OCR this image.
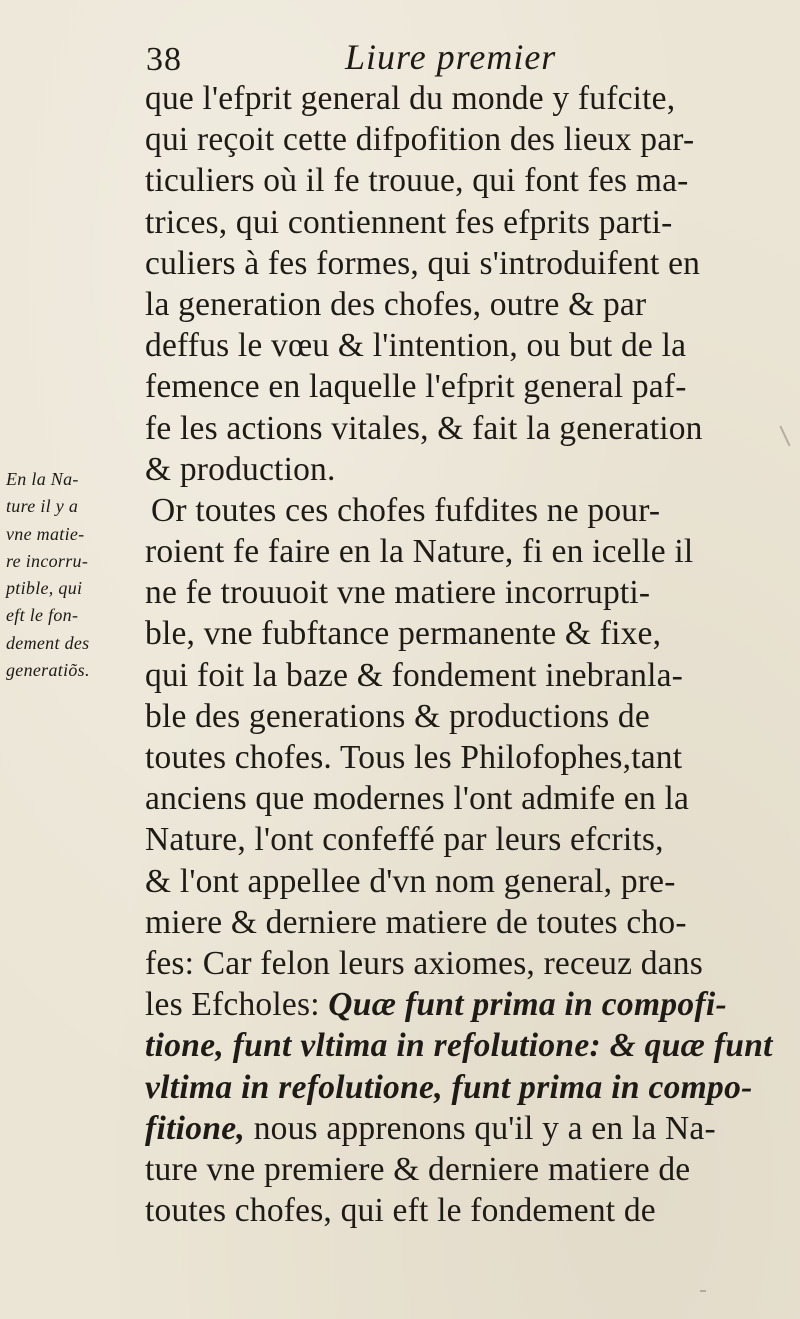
38	Liure premier
que l'efprit general du monde y fufcite,
qui reçoit cette difpofition des lieux par-
ticuliers où il fe trouue, qui font fes ma-
trices, qui contiennent fes efprits parti-
culiers à fes formes, qui s'introduifent en
la generation des chofes, outre & par
deffus le vœu & l'intention, ou but de la
femence en laquelle l'efprit general paf-
fe les actions vitales, & fait la generation
& production.
Or toutes ces chofes fufdites ne pour-
roient fe faire en la Nature, fi en icelle il
ne fe trouuoit vne matiere incorrupti-
ble, vne fubftance permanente & fixe,
qui foit la baze & fondement inebranla-
ble des generations & productions de
toutes chofes. Tous les Philofophes,tant
anciens que modernes l'ont admife en la
Nature, l'ont confeffé par leurs efcrits,
& l'ont appellee d'vn nom general, pre-
miere & derniere matiere de toutes cho-
fes: Car felon leurs axiomes, receuz dans
les Efcholes: Quæ funt prima in compofi-
tione, funt vltima in refolutione: & quæ funt
vltima in refolutione, funt prima in compo-
fitione, nous apprenons qu'il y a en la Na-
ture vne premiere & derniere matiere de
toutes chofes, qui eft le fondement de
En la Na-
ture il y a
vne matie-
re incorru-
ptible, qui
eft le fon-
dement des
generatiõs.
